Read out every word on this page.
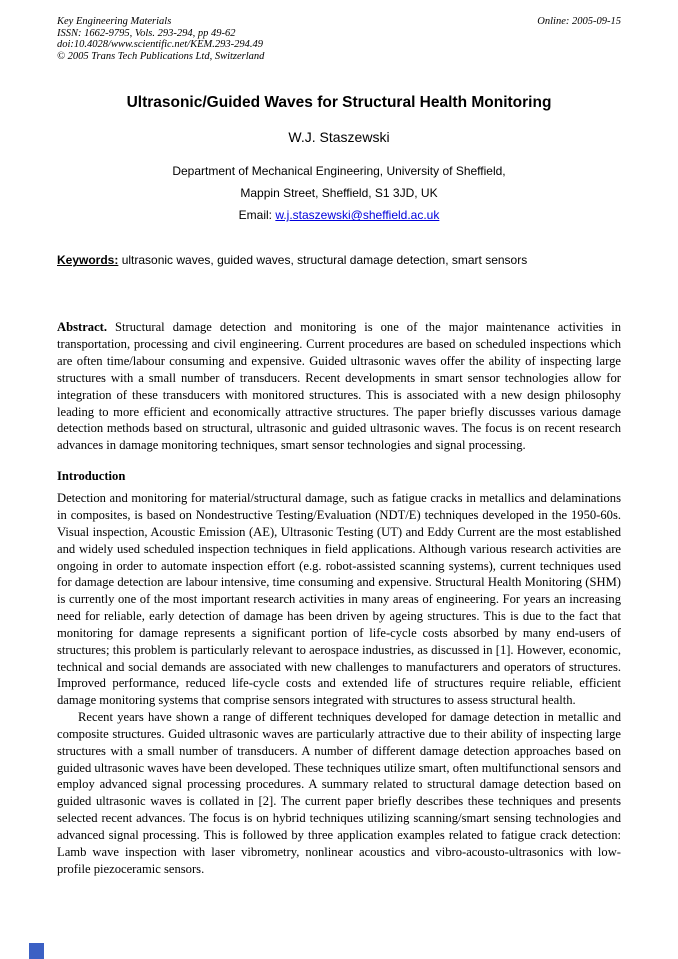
Key Engineering Materials
ISSN: 1662-9795, Vols. 293-294, pp 49-62
doi:10.4028/www.scientific.net/KEM.293-294.49
© 2005 Trans Tech Publications Ltd, Switzerland
Online: 2005-09-15
Ultrasonic/Guided Waves for Structural Health Monitoring
W.J. Staszewski
Department of Mechanical Engineering, University of Sheffield,
Mappin Street, Sheffield, S1 3JD, UK
Email: w.j.staszewski@sheffield.ac.uk
Keywords: ultrasonic waves, guided waves, structural damage detection, smart sensors

Abstract. Structural damage detection and monitoring is one of the major maintenance activities in transportation, processing and civil engineering. Current procedures are based on scheduled inspections which are often time/labour consuming and expensive. Guided ultrasonic waves offer the ability of inspecting large structures with a small number of transducers. Recent developments in smart sensor technologies allow for integration of these transducers with monitored structures. This is associated with a new design philosophy leading to more efficient and economically attractive structures. The paper briefly discusses various damage detection methods based on structural, ultrasonic and guided ultrasonic waves. The focus is on recent research advances in damage monitoring techniques, smart sensor technologies and signal processing.

Introduction

Detection and monitoring for material/structural damage, such as fatigue cracks in metallics and delaminations in composites, is based on Nondestructive Testing/Evaluation (NDT/E) techniques developed in the 1950-60s. Visual inspection, Acoustic Emission (AE), Ultrasonic Testing (UT) and Eddy Current are the most established and widely used scheduled inspection techniques in field applications. Although various research activities are ongoing in order to automate inspection effort (e.g. robot-assisted scanning systems), current techniques used for damage detection are labour intensive, time consuming and expensive. Structural Health Monitoring (SHM) is currently one of the most important research activities in many areas of engineering. For years an increasing need for reliable, early detection of damage has been driven by ageing structures. This is due to the fact that monitoring for damage represents a significant portion of life-cycle costs absorbed by many end-users of structures; this problem is particularly relevant to aerospace industries, as discussed in [1]. However, economic, technical and social demands are associated with new challenges to manufacturers and operators of structures. Improved performance, reduced life-cycle costs and extended life of structures require reliable, efficient damage monitoring systems that comprise sensors integrated with structures to assess structural health.

Recent years have shown a range of different techniques developed for damage detection in metallic and composite structures. Guided ultrasonic waves are particularly attractive due to their ability of inspecting large structures with a small number of transducers. A number of different damage detection approaches based on guided ultrasonic waves have been developed. These techniques utilize smart, often multifunctional sensors and employ advanced signal processing procedures. A summary related to structural damage detection based on guided ultrasonic waves is collated in [2]. The current paper briefly describes these techniques and presents selected recent advances. The focus is on hybrid techniques utilizing scanning/smart sensing technologies and advanced signal processing. This is followed by three application examples related to fatigue crack detection: Lamb wave inspection with laser vibrometry, nonlinear acoustics and vibro-acousto-ultrasonics with low-profile piezoceramic sensors.
